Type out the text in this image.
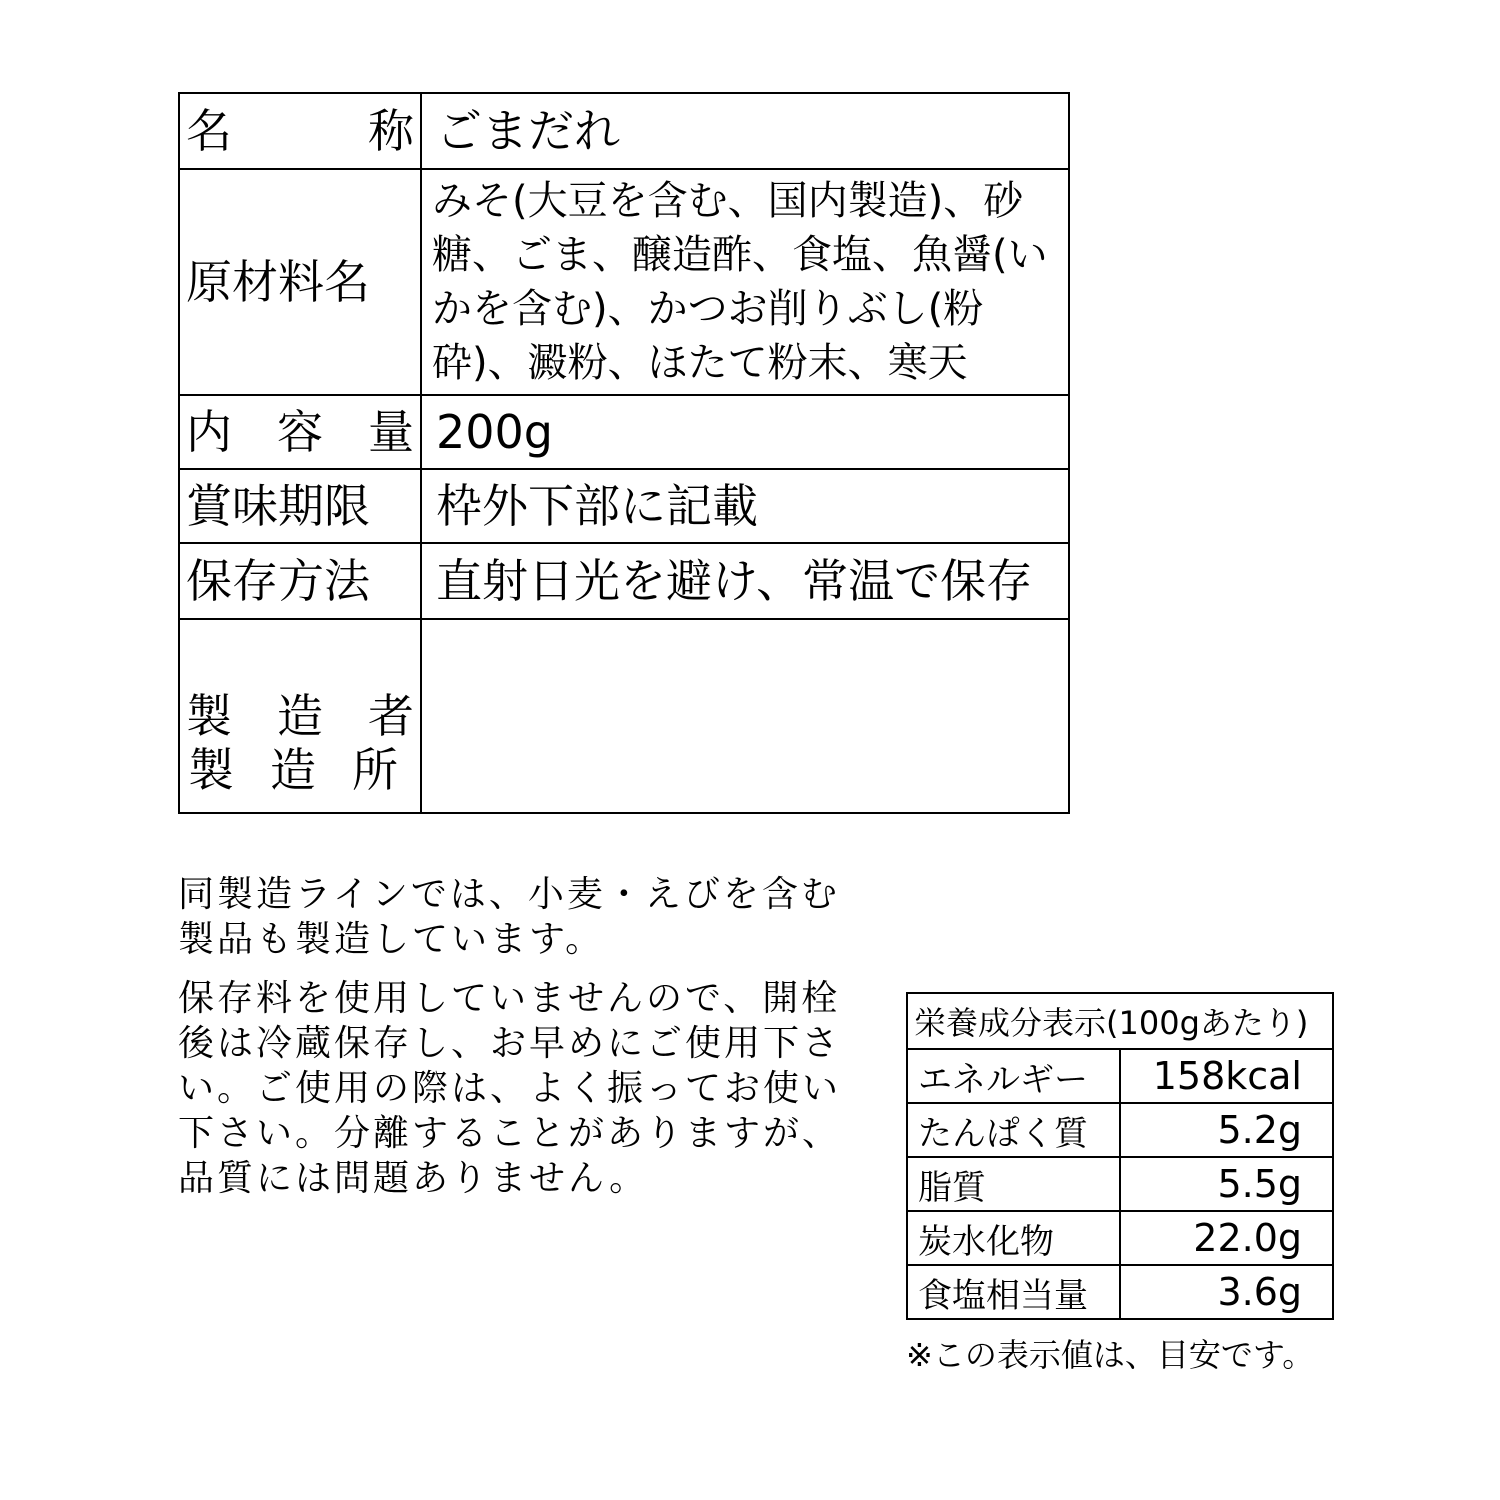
名 称	ごまだれ
原材料名	みそ(大豆を含む、国内製造)、砂糖、ごま、醸造酢、食塩、魚醤(いかを含む)、かつお削りぶし(粉砕)、澱粉、ほたて粉末、寒天

内 容 量	200g
賞味期限	枠外下部に記載
保存方法	直射日光を避け、常温で保存

製 造 者	

製 造 所

同製造ラインでは、小麦・えびを含む製品も製造しています。

保存料を使用していませんので、開栓後は冷蔵保存し、お早めにご使用下さい。ご使用の際は、よく振ってお使い下さい。分離することがありますが、品質には問題ありません。

栄養成分表示(100gあたり)	

エネルギー	158kcal

たんぱく質	5.2g

脂質	5.5g

炭水化物	22.0g

食塩相当量	3.6g
※この表示値は、目安です。
